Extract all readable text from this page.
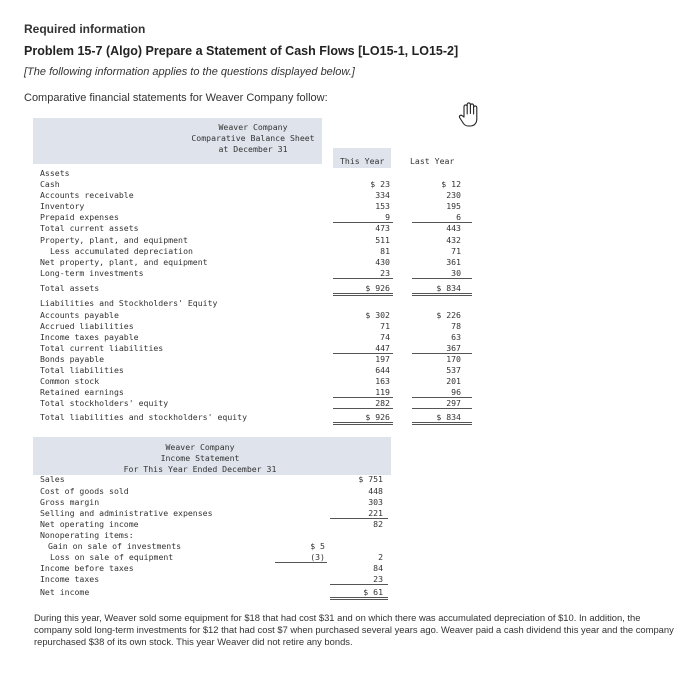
Required information
Problem 15-7 (Algo) Prepare a Statement of Cash Flows [LO15-1, LO15-2]
[The following information applies to the questions displayed below.]
Comparative financial statements for Weaver Company follow:
Weaver Company
Comparative Balance Sheet
at December 31
This Year	Last Year
Assets
Cash	$ 23	$ 12
Accounts receivable	334	230
Inventory	153	195
Prepaid expenses	9	6
Total current assets	473	443
Property, plant, and equipment	511	432
Less accumulated depreciation	81	71
Net property, plant, and equipment	430	361
Long-term investments	23	30
Total assets	$ 926	$ 834
Liabilities and Stockholders' Equity
Accounts payable	$ 302	$ 226
Accrued liabilities	71	78
Income taxes payable	74	63
Total current liabilities	447	367
Bonds payable	197	170
Total liabilities	644	537
Common stock	163	201
Retained earnings	119	96
Total stockholders' equity	282	297
Total liabilities and stockholders' equity	$ 926	$ 834
Weaver Company
Income Statement
For This Year Ended December 31
Sales	$ 751
Cost of goods sold	448
Gross margin	303
Selling and administrative expenses	221
Net operating income	82
Nonoperating items:
Gain on sale of investments	$ 5
Loss on sale of equipment	(3)	2
Income before taxes	84
Income taxes	23
Net income	$ 61
During this year, Weaver sold some equipment for $18 that had cost $31 and on which there was accumulated depreciation of $10. In addition, the company sold long-term investments for $12 that had cost $7 when purchased several years ago. Weaver paid a cash dividend this year and the company repurchased $38 of its own stock. This year Weaver did not retire any bonds.
